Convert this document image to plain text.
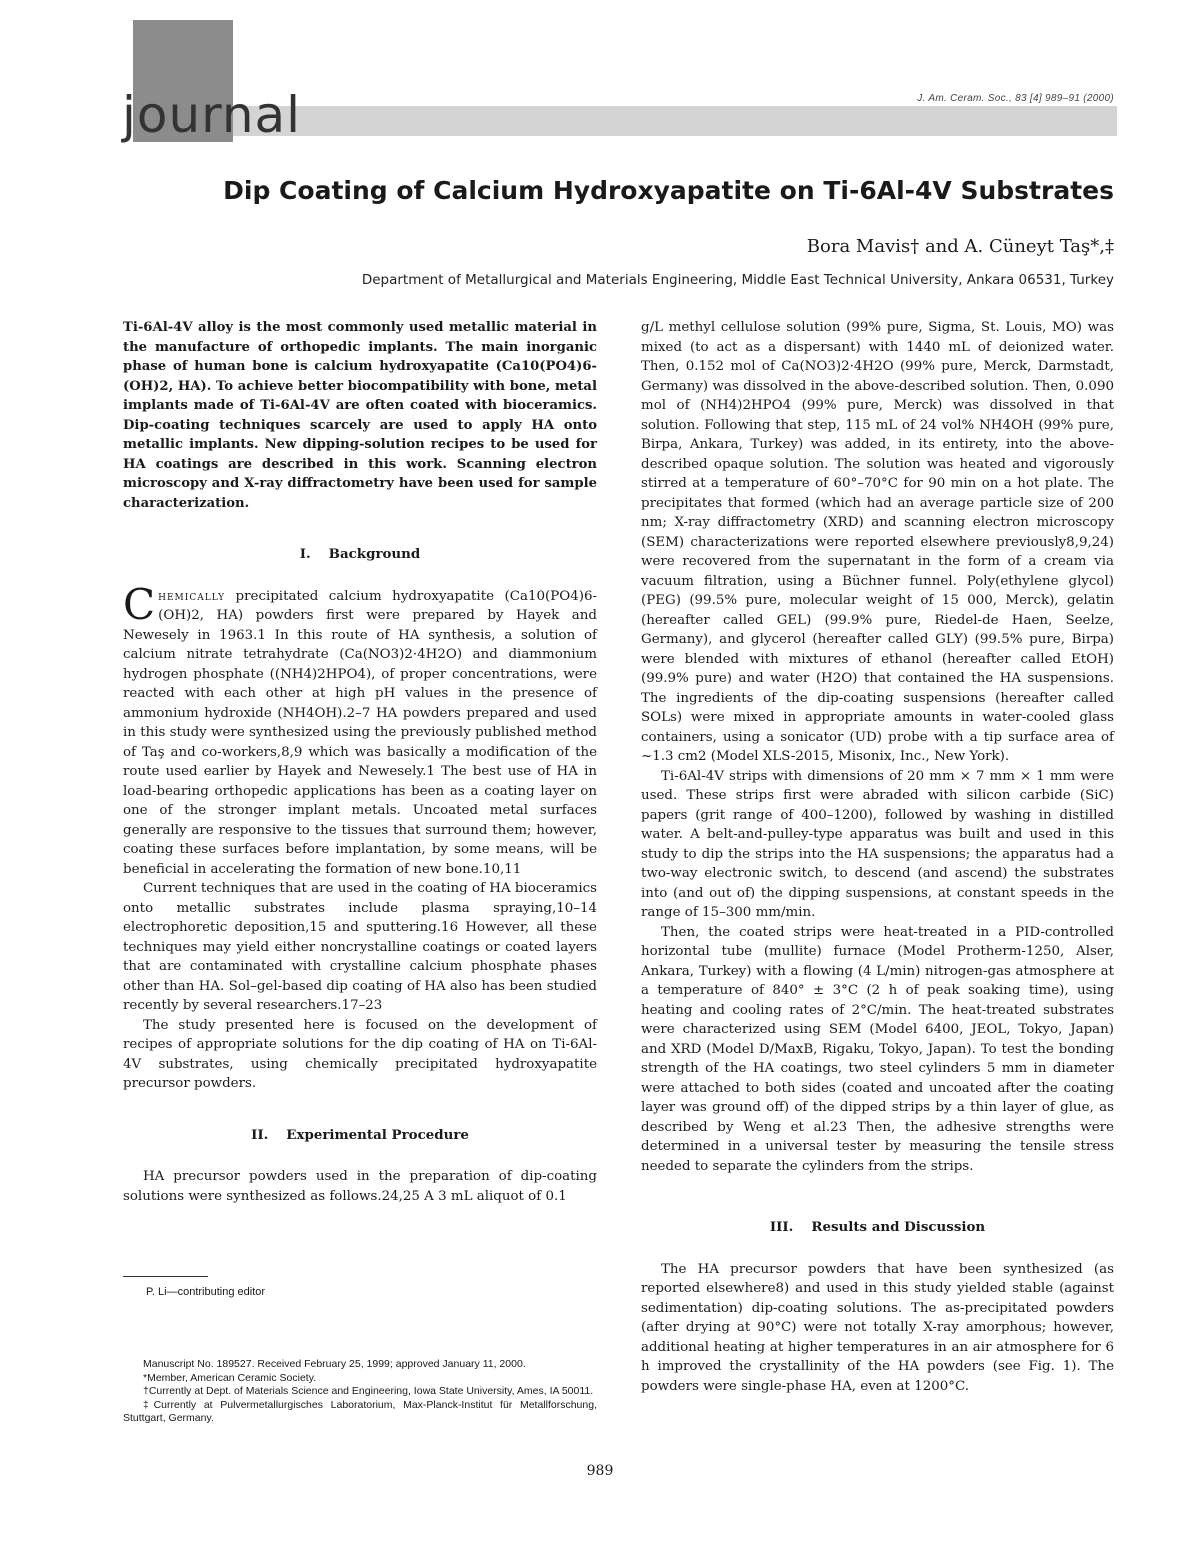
journal	J. Am. Ceram. Soc., 83 [4] 989–91 (2000)
Dip Coating of Calcium Hydroxyapatite on Ti-6Al-4V Substrates
Bora Mavis† and A. Cüneyt Taş*,‡
Department of Metallurgical and Materials Engineering, Middle East Technical University, Ankara 06531, Turkey

Ti-6Al-4V alloy is the most commonly used metallic material in the manufacture of orthopedic implants. The main inorganic phase of human bone is calcium hydroxyapatite (Ca10(PO4)6-(OH)2, HA). To achieve better biocompatibility with bone, metal implants made of Ti-6Al-4V are often coated with bioceramics. Dip-coating techniques scarcely are used to apply HA onto metallic implants. New dipping-solution recipes to be used for HA coatings are described in this work. Scanning electron microscopy and X-ray diffractometry have been used for sample characterization.

I. Background

Chemically precipitated calcium hydroxyapatite (Ca10(PO4)6-(OH)2, HA) powders first were prepared by Hayek and Newesely in 1963.1 In this route of HA synthesis, a solution of calcium nitrate tetrahydrate (Ca(NO3)2·4H2O) and diammonium hydrogen phosphate ((NH4)2HPO4), of proper concentrations, were reacted with each other at high pH values in the presence of ammonium hydroxide (NH4OH).2–7 HA powders prepared and used in this study were synthesized using the previously published method of Taş and co-workers,8,9 which was basically a modification of the route used earlier by Hayek and Newesely.1 The best use of HA in load-bearing orthopedic applications has been as a coating layer on one of the stronger implant metals. Uncoated metal surfaces generally are responsive to the tissues that surround them; however, coating these surfaces before implantation, by some means, will be beneficial in accelerating the formation of new bone.10,11

Current techniques that are used in the coating of HA bioceramics onto metallic substrates include plasma spraying,10–14 electrophoretic deposition,15 and sputtering.16 However, all these techniques may yield either noncrystalline coatings or coated layers that are contaminated with crystalline calcium phosphate phases other than HA. Sol–gel-based dip coating of HA also has been studied recently by several researchers.17–23

The study presented here is focused on the development of recipes of appropriate solutions for the dip coating of HA on Ti-6Al-4V substrates, using chemically precipitated hydroxyapatite precursor powders.

II. Experimental Procedure

HA precursor powders used in the preparation of dip-coating solutions were synthesized as follows.24,25 A 3 mL aliquot of 0.1

g/L methyl cellulose solution (99% pure, Sigma, St. Louis, MO) was mixed (to act as a dispersant) with 1440 mL of deionized water. Then, 0.152 mol of Ca(NO3)2·4H2O (99% pure, Merck, Darmstadt, Germany) was dissolved in the above-described solution. Then, 0.090 mol of (NH4)2HPO4 (99% pure, Merck) was dissolved in that solution. Following that step, 115 mL of 24 vol% NH4OH (99% pure, Birpa, Ankara, Turkey) was added, in its entirety, into the above-described opaque solution. The solution was heated and vigorously stirred at a temperature of 60°–70°C for 90 min on a hot plate. The precipitates that formed (which had an average particle size of 200 nm; X-ray diffractometry (XRD) and scanning electron microscopy (SEM) characterizations were reported elsewhere previously8,9,24) were recovered from the supernatant in the form of a cream via vacuum filtration, using a Büchner funnel. Poly(ethylene glycol) (PEG) (99.5% pure, molecular weight of 15 000, Merck), gelatin (hereafter called GEL) (99.9% pure, Riedel-de Haen, Seelze, Germany), and glycerol (hereafter called GLY) (99.5% pure, Birpa) were blended with mixtures of ethanol (hereafter called EtOH) (99.9% pure) and water (H2O) that contained the HA suspensions. The ingredients of the dip-coating suspensions (hereafter called SOLs) were mixed in appropriate amounts in water-cooled glass containers, using a sonicator (UD) probe with a tip surface area of ~1.3 cm2 (Model XLS-2015, Misonix, Inc., New York).

Ti-6Al-4V strips with dimensions of 20 mm × 7 mm × 1 mm were used. These strips first were abraded with silicon carbide (SiC) papers (grit range of 400–1200), followed by washing in distilled water. A belt-and-pulley-type apparatus was built and used in this study to dip the strips into the HA suspensions; the apparatus had a two-way electronic switch, to descend (and ascend) the substrates into (and out of) the dipping suspensions, at constant speeds in the range of 15–300 mm/min.

Then, the coated strips were heat-treated in a PID-controlled horizontal tube (mullite) furnace (Model Protherm-1250, Alser, Ankara, Turkey) with a flowing (4 L/min) nitrogen-gas atmosphere at a temperature of 840° ± 3°C (2 h of peak soaking time), using heating and cooling rates of 2°C/min. The heat-treated substrates were characterized using SEM (Model 6400, JEOL, Tokyo, Japan) and XRD (Model D/MaxB, Rigaku, Tokyo, Japan). To test the bonding strength of the HA coatings, two steel cylinders 5 mm in diameter were attached to both sides (coated and uncoated after the coating layer was ground off) of the dipped strips by a thin layer of glue, as described by Weng et al.23 Then, the adhesive strengths were determined in a universal tester by measuring the tensile stress needed to separate the cylinders from the strips.

III. Results and Discussion

The HA precursor powders that have been synthesized (as reported elsewhere8) and used in this study yielded stable (against sedimentation) dip-coating solutions. The as-precipitated powders (after drying at 90°C) were not totally X-ray amorphous; however, additional heating at higher temperatures in an air atmosphere for 6 h improved the crystallinity of the HA powders (see Fig. 1). The powders were single-phase HA, even at 1200°C.

P. Li—contributing editor

Manuscript No. 189527. Received February 25, 1999; approved January 11, 2000.

*Member, American Ceramic Society.

†Currently at Dept. of Materials Science and Engineering, Iowa State University, Ames, IA 50011.

‡Currently at Pulvermetallurgisches Laboratorium, Max-Planck-Institut für Metallforschung, Stuttgart, Germany.

989
